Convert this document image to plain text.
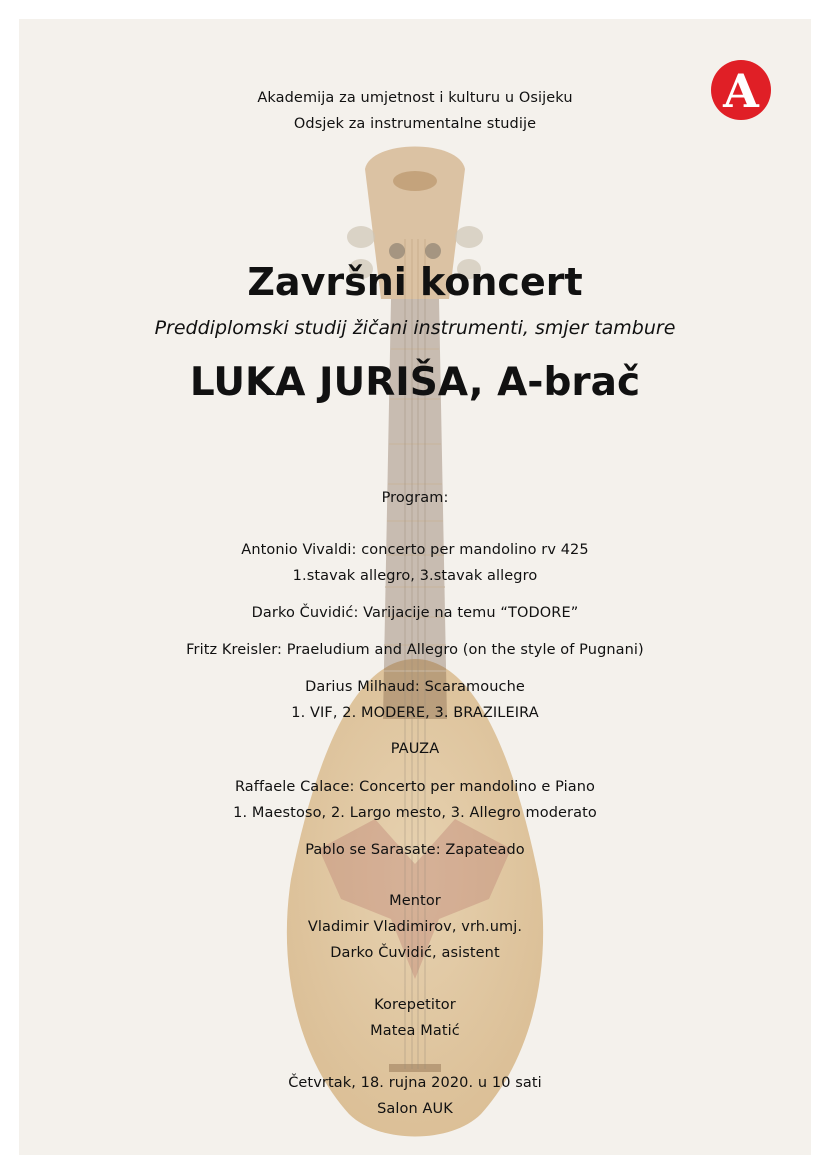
A
Akademija za umjetnost i kulturu u Osijeku
Odsjek za instrumentalne studije
Završni koncert
Preddiplomski studij žičani instrumenti, smjer tambure
LUKA JURIŠA, A-brač
Program:
Antonio Vivaldi: concerto per mandolino rv 425
1.stavak allegro, 3.stavak allegro
Darko Čuvidić: Varijacije na temu “TODORE”
Fritz Kreisler: Praeludium and Allegro (on the style of Pugnani)
Darius Milhaud: Scaramouche
1. VIF, 2. MODERE, 3. BRAZILEIRA
PAUZA
Raffaele Calace: Concerto per mandolino e Piano
1. Maestoso, 2. Largo mesto, 3. Allegro moderato
Pablo se Sarasate: Zapateado
Mentor
Vladimir Vladimirov, vrh.umj.
Darko Čuvidić, asistent
Korepetitor
Matea Matić
Četvrtak, 18. rujna 2020. u 10 sati
Salon AUK
